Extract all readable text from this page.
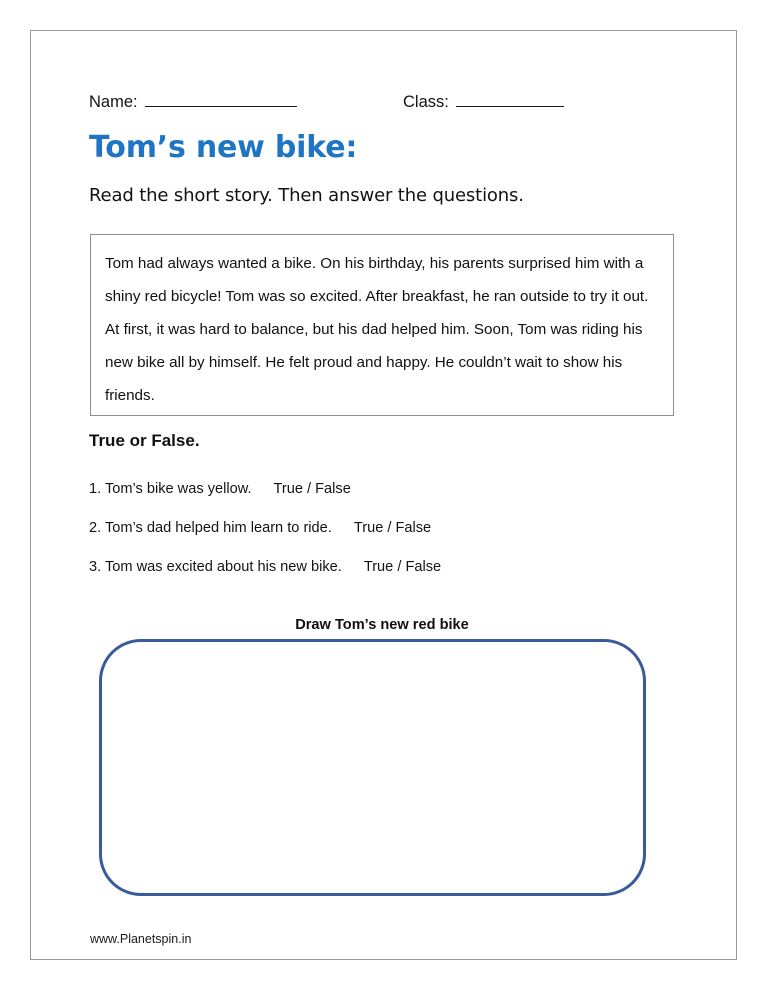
Name:	Class:
Tom’s new bike:
Read the short story. Then answer the questions.

Tom had always wanted a bike. On his birthday, his parents surprised him with a shiny red bicycle! Tom was so excited. After breakfast, he ran outside to try it out. At first, it was hard to balance, but his dad helped him. Soon, Tom was riding his new bike all by himself. He felt proud and happy. He couldn’t wait to show his friends.

True or False.
1. Tom’s bike was yellow. True / False
2. Tom’s dad helped him learn to ride. True / False
3. Tom was excited about his new bike. True / False
Draw Tom’s new red bike
www.Planetspin.in
